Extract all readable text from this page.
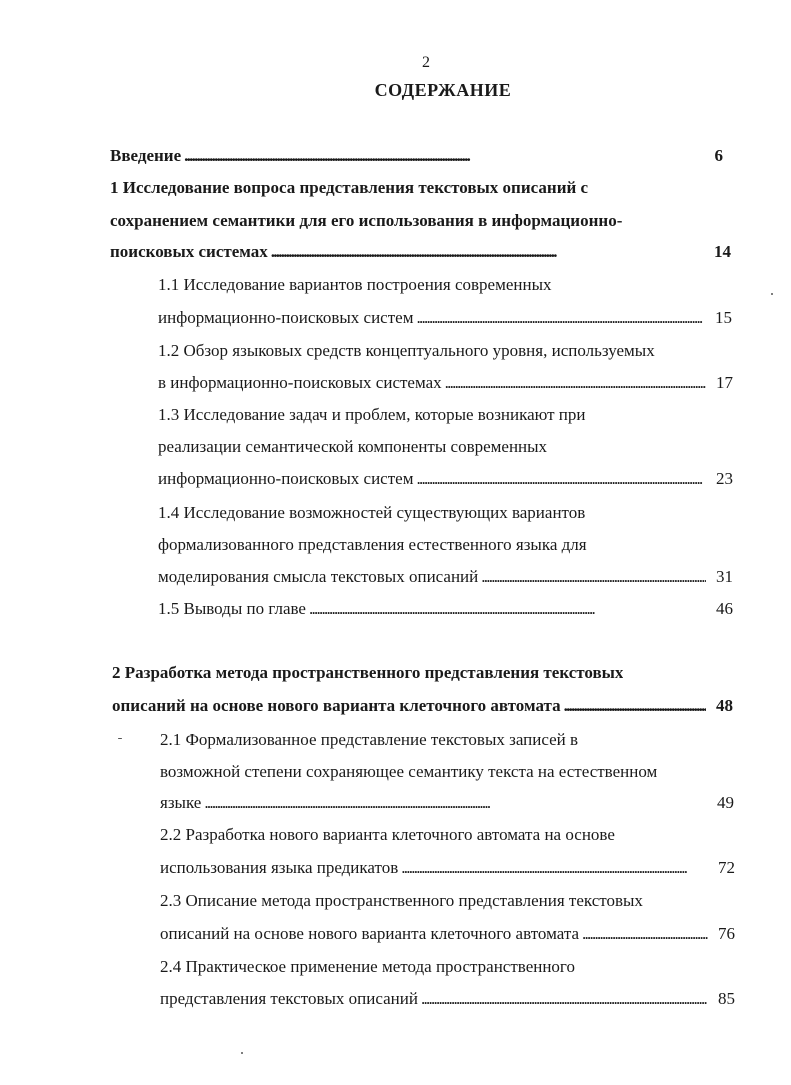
2
СОДЕРЖАНИЕ
Введение . . .	6
1 Исследование вопроса представления текстовых описаний с
сохранением семантики для его использования в информационно-
поисковых системах . . .	14
1.1 Исследование вариантов построения современных
информационно-поисковых систем . . .	15
1.2 Обзор языковых средств концептуального уровня, используемых
в информационно-поисковых системах . . .	17
1.3 Исследование задач и проблем, которые возникают при
реализации семантической компоненты современных
информационно-поисковых систем . . .	23
1.4 Исследование возможностей существующих вариантов
формализованного представления естественного языка для
моделирования смысла текстовых описаний . . .	31
1.5 Выводы по главе . . .	46
2 Разработка метода пространственного представления текстовых
описаний на основе нового варианта клеточного автомата . . .	48
2.1 Формализованное представление текстовых записей в
возможной степени сохраняющее семантику текста на естественном
языке . . .	49
2.2 Разработка нового варианта клеточного автомата на основе
использования языка предикатов . . .	72
2.3 Описание метода пространственного представления текстовых
описаний на основе нового варианта клеточного автомата . . .	76
2.4 Практическое применение метода пространственного
представления текстовых описаний . . .	85
